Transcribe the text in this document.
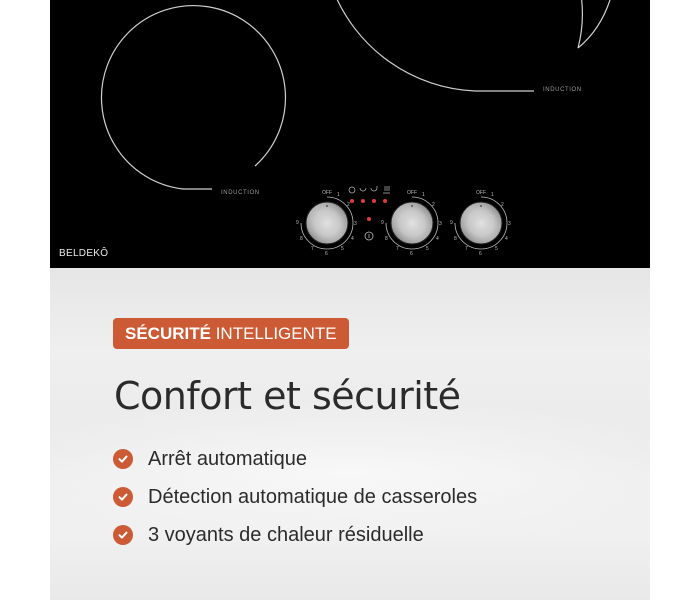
OFF 1
2
3
4
5
6
7
8
9
OFF 1
2
3
4
5
6
7
8
9
OFF 1
2
3
4
5
6
7
8
9
INDUCTION
INDUCTION
BELDEKÔ
SÉCURITÉ INTELLIGENTE
Confort et sécurité
Arrêt automatique
Détection automatique de casseroles
3 voyants de chaleur résiduelle
